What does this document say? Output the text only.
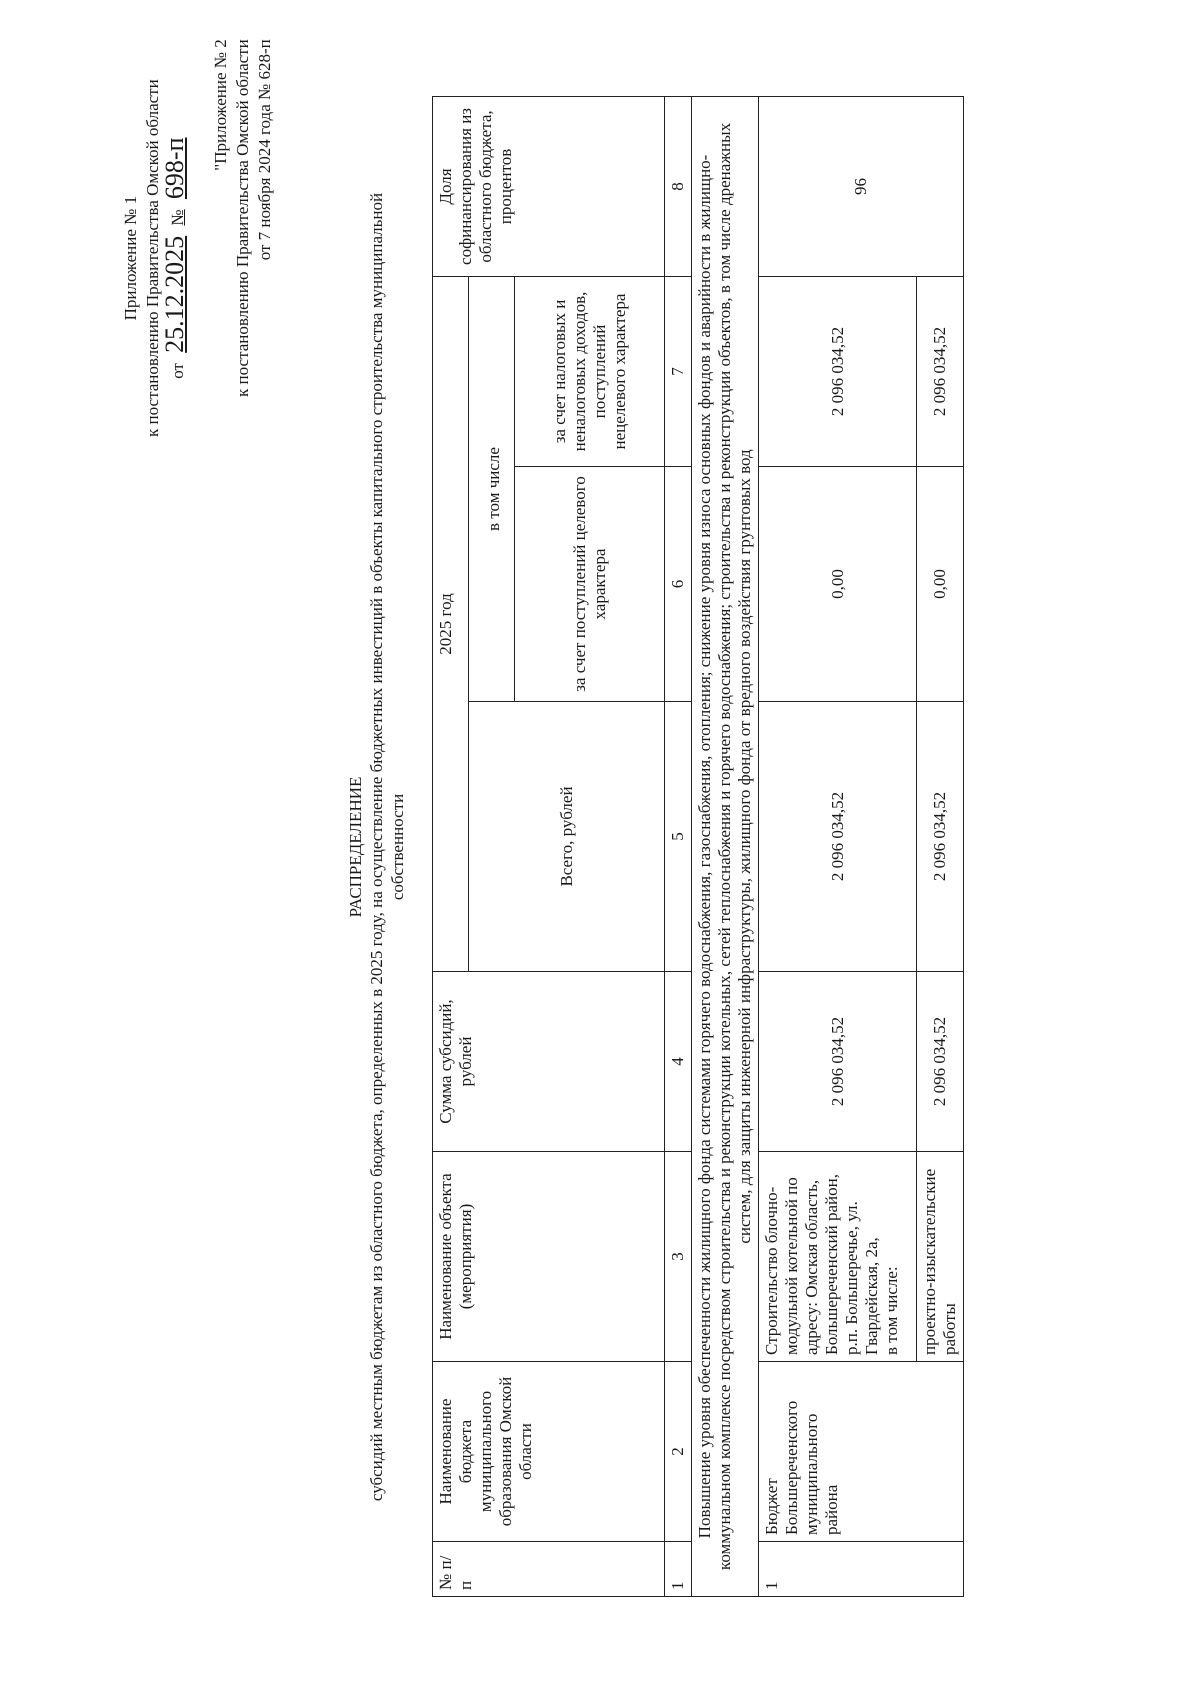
Приложение № 1 к постановлению Правительства Омской области от 25.12.2025 № 698-п "Приложение № 2 к постановлению Правительства Омской области от 7 ноября 2024 года № 628-п
РАСПРЕДЕЛЕНИЕ субсидий местным бюджетам из областного бюджета, определенных в 2025 году, на осуществление бюджетных инвестиций в объекты капитального строительства муниципальной собственности
№ п/п	Наименование бюджета муниципального образования Омской области	Наименование объекта (мероприятия)	Сумма субсидий, рублей	2025 год			Доля софинансирования из областного бюджета, процентов
				Всего, рублей			
					в том числе		
					за счет поступлений целевого характера	за счет налоговых и неналоговых доходов, поступлений нецелевого характера	
1	2	3	4	5	6	7	8
Повышение уровня обеспеченности жилищного фонда системами горячего водоснабжения, газоснабжения, отопления; снижение уровня износа основных фондов и аварийности в жилищно-коммунальном комплексе посредством строительства и реконструкции котельных, сетей теплоснабжения и горячего водоснабжения; строительства и реконструкции объектов, в том числе дренажных систем, для защиты инженерной инфраструктуры, жилищного фонда от вредного воздействия грунтовых вод							
1	Бюджет Большереченского муниципального района	Строительство блочно-модульной котельной по адресу: Омская область, Большереченский район, р.п. Большеречье, ул. Гвардейская, 2а, в том числе:	2 096 034,52	2 096 034,52	0,00	2 096 034,52	96
		проектно-изыскательские работы	2 096 034,52	2 096 034,52	0,00	2 096 034,52	
